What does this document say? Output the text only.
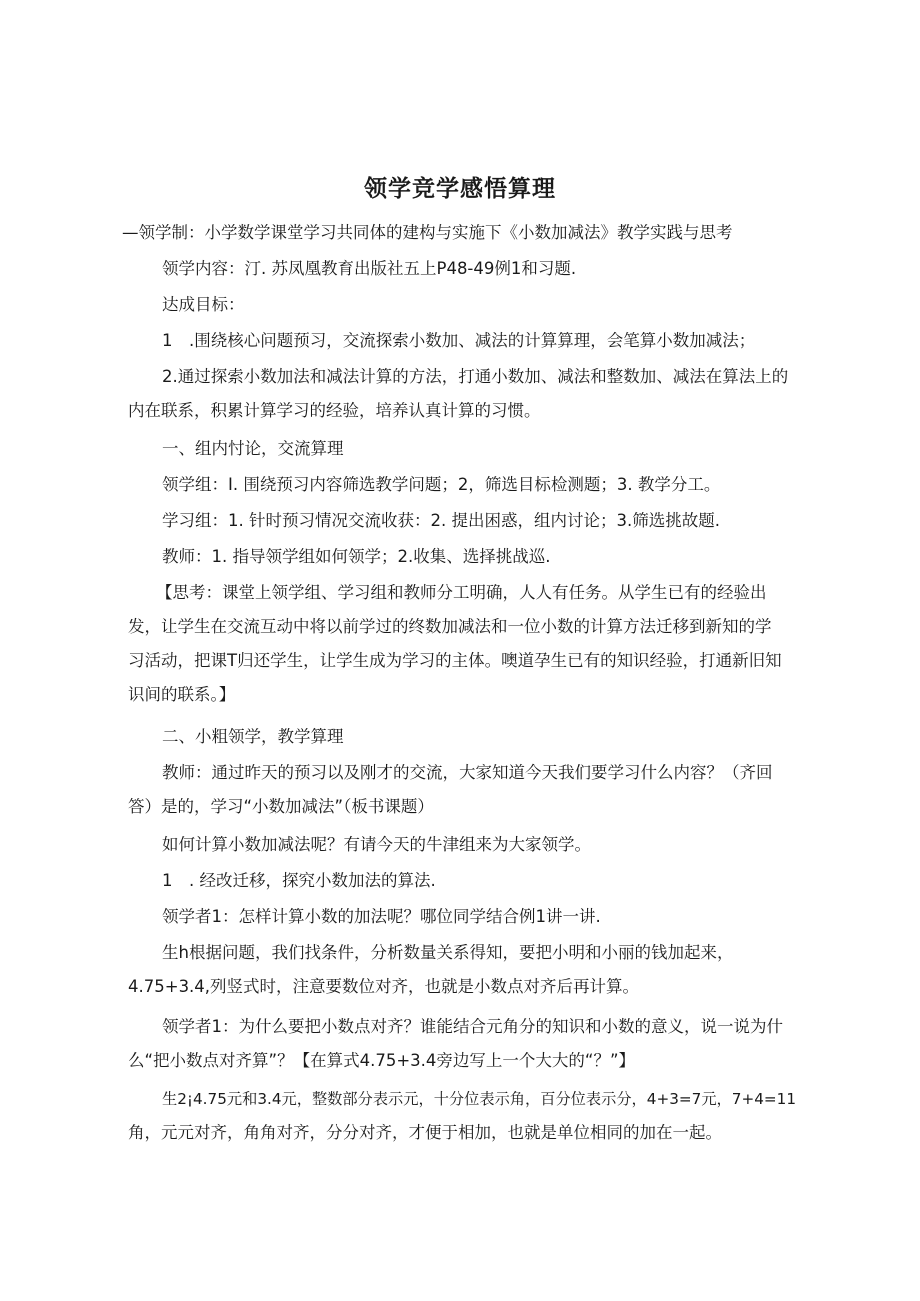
领学竞学感悟算理
—领学制：小学数学课堂学习共同体的建构与实施下《小数加减法》教学实践与思考
领学内容：汀. 苏凤凰教育出版社五上P48-49例1和习题.
达成目标：
1　.围绕核心问题预习，交流探索小数加、减法的计算算理，会笔算小数加减法；
2.通过探索小数加法和减法计算的方法，打通小数加、减法和整数加、减法在算法上的
内在联系，积累计算学习的经验，培养认真计算的习惯。
一、组内忖论，交流算理
领学组：I. 围绕预习内容筛选教学问题；2，筛选目标检测题；3. 教学分工。
学习组：1. 针时预习情况交流收获：2. 提出困惑，组内讨论；3.筛选挑故题.
教师：1. 指导领学组如何领学；2.收集、选择挑战巡.
【思考：课堂上领学组、学习组和教师分工明确，人人有任务。从学生已有的经验出
发，让学生在交流互动中将以前学过的终数加减法和一位小数的计算方法迁移到新知的学
习活动，把课T归还学生，让学生成为学习的主体。噢道孕生已有的知识经验，打通新旧知
识间的联系。】
二、小粗领学，教学算理
教师：通过昨天的预习以及刚才的交流，大家知道今天我们要学习什么内容？（齐回
答）是的，学习“小数加减法”（板书课题）
如何计算小数加减法呢？有请今天的牛津组来为大家领学。
1　. 经改迁移，探究小数加法的算法.
领学者1：怎样计算小数的加法呢？哪位同学结合例1讲一讲.
生h根据问题，我们找条件，分析数量关系得知，要把小明和小丽的钱加起来，
4.75+3.4,列竖式时，注意要数位对齐，也就是小数点对齐后再计算。
领学者1：为什么要把小数点对齐？谁能结合元角分的知识和小数的意义，说一说为什
么“把小数点对齐算”？【在算式4.75+3.4旁边写上一个大大的“？”】
生2¡4.75元和3.4元，整数部分表示元，十分位表示角，百分位表示分，4+3=7元，7+4=11
角，元元对齐，角角对齐，分分对齐，才便于相加，也就是单位相同的加在一起。
